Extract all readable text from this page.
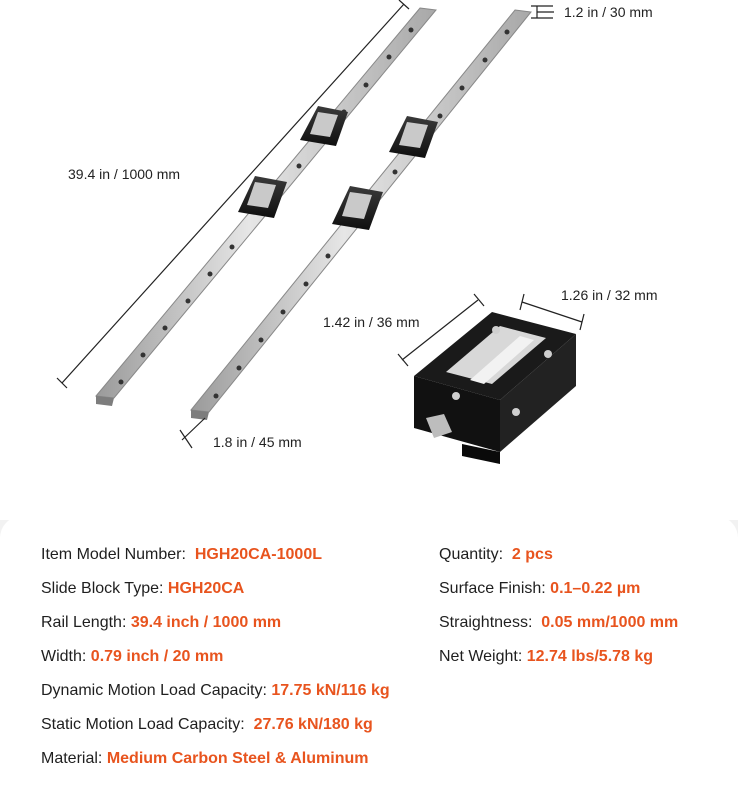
39.4 in / 1000 mm
1.2 in / 30 mm
1.8 in / 45 mm
1.26 in / 32 mm
1.42 in / 36 mm
Item Model Number: HGH20CA-1000L
Slide Block Type: HGH20CA
Rail Length: 39.4 inch / 1000 mm
Width: 0.79 inch / 20 mm
Dynamic Motion Load Capacity: 17.75 kN/116 kg
Static Motion Load Capacity: 27.76 kN/180 kg
Material: Medium Carbon Steel & Aluminum
Quantity: 2 pcs
Surface Finish: 0.1–0.22 µm
Straightness: 0.05 mm/1000 mm
Net Weight: 12.74 lbs/5.78 kg
